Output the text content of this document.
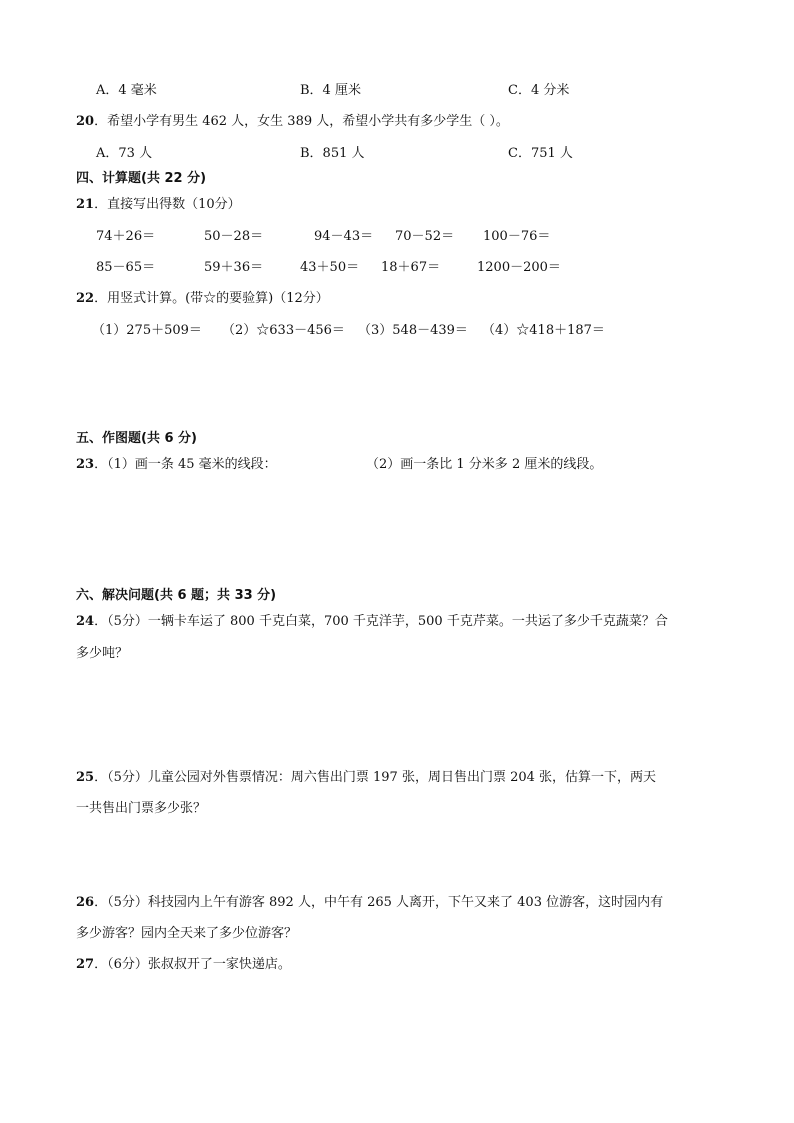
A．4 毫米	B．4 厘米	C．4 分米
20．希望小学有男生 462 人，女生 389 人，希望小学共有多少学生（ ）。
A．73 人	B．851 人	C．751 人
四、计算题(共 22 分)
21．直接写出得数（10分）
74＋26＝	50－28＝	94－43＝ 70－52＝ 100－76＝
85－65＝	59＋36＝	43＋50＝ 18＋67＝	1200－200＝
22．用竖式计算。(带☆的要验算)（12分）
（1）275＋509＝ （2）☆633－456＝ （3）548－439＝ （4）☆418＋187＝
五、作图题(共 6 分)
23．（1）画一条 45 毫米的线段：	（2）画一条比 1 分米多 2 厘米的线段。
六、解决问题(共 6 题；共 33 分)
24．（5分）一辆卡车运了 800 千克白菜，700 千克洋芋，500 千克芹菜。一共运了多少千克蔬菜？合
多少吨？
25．（5分）儿童公园对外售票情况：周六售出门票 197 张，周日售出门票 204 张，估算一下，两天
一共售出门票多少张？
26．（5分）科技园内上午有游客 892 人，中午有 265 人离开，下午又来了 403 位游客，这时园内有
多少游客？园内全天来了多少位游客？
27．（6分）张叔叔开了一家快递店。
